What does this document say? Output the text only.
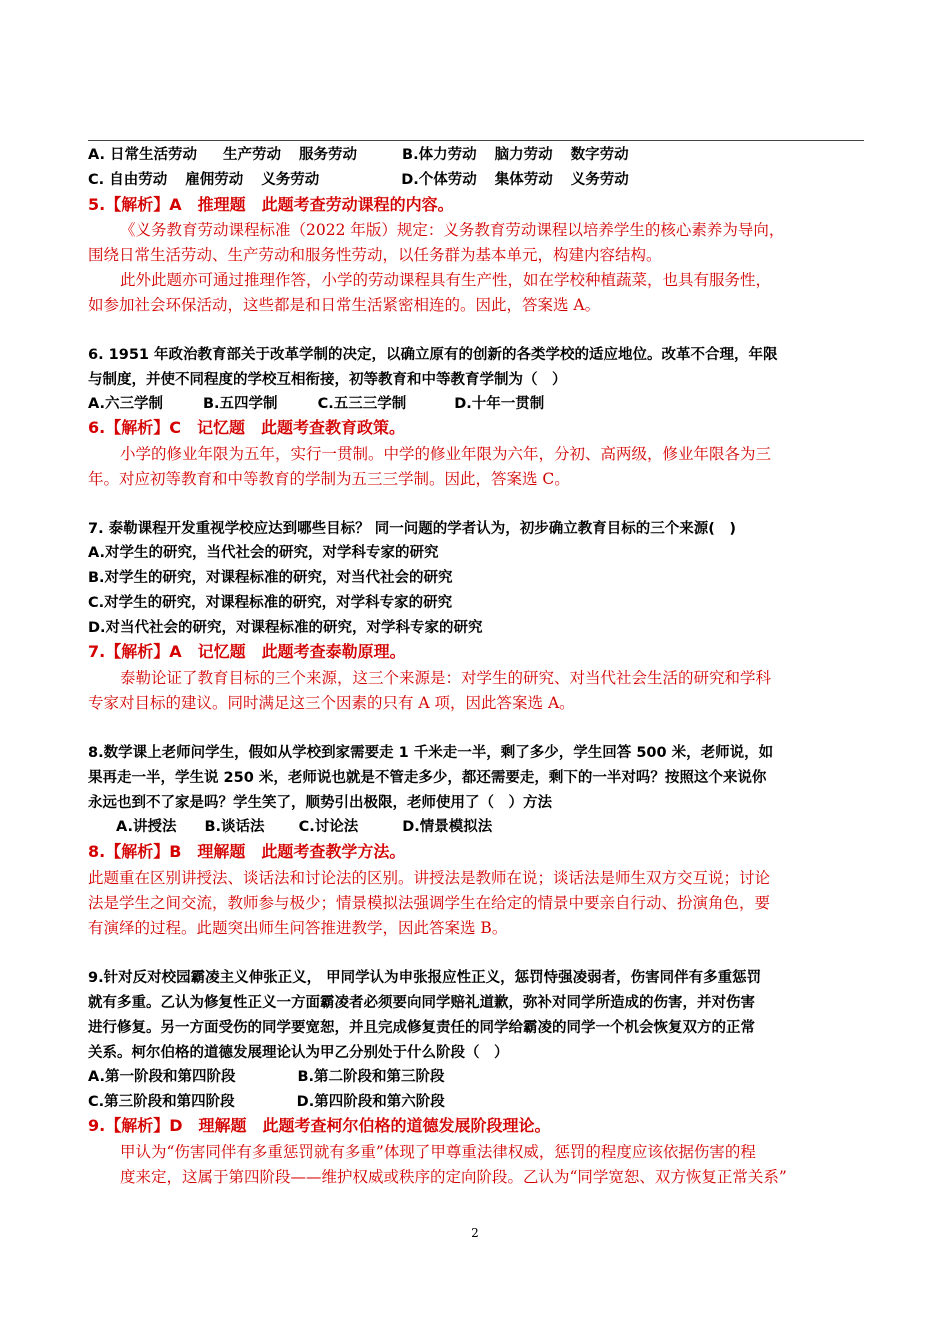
A. 日常生活劳动 生产劳动 服务劳动	B.体力劳动 脑力劳动 数字劳动
C. 自由劳动 雇佣劳动 义务劳动	D.个体劳动 集体劳动 义务劳动
5.【解析】A　推理题　此题考查劳动课程的内容。
《义务教育劳动课程标准（2022 年版）规定：义务教育劳动课程以培养学生的核心素养为导向，
围绕日常生活劳动、生产劳动和服务性劳动，以任务群为基本单元，构建内容结构。
此外此题亦可通过推理作答，小学的劳动课程具有生产性，如在学校种植蔬菜，也具有服务性，
如参加社会环保活动，这些都是和日常生活紧密相连的。因此，答案选 A。
6. 1951 年政治教育部关于改革学制的决定，以确立原有的创新的各类学校的适应地位。改革不合理，年限
与制度，并使不同程度的学校互相衔接，初等教育和中等教育学制为（　）
A.六三学制	B.五四学制	C.五三三学制	D.十年一贯制
6.【解析】C　记忆题　此题考查教育政策。
小学的修业年限为五年，实行一贯制。中学的修业年限为六年，分初、高两级，修业年限各为三
年。对应初等教育和中等教育的学制为五三三学制。因此，答案选 C。
7. 泰勒课程开发重视学校应达到哪些目标？ 同一问题的学者认为，初步确立教育目标的三个来源(　)
A.对学生的研究，当代社会的研究，对学科专家的研究
B.对学生的研究，对课程标准的研究，对当代社会的研究
C.对学生的研究，对课程标准的研究，对学科专家的研究
D.对当代社会的研究，对课程标准的研究，对学科专家的研究
7.【解析】A　记忆题　此题考查泰勒原理。
泰勒论证了教育目标的三个来源，这三个来源是：对学生的研究、对当代社会生活的研究和学科
专家对目标的建议。同时满足这三个因素的只有 A 项，因此答案选 A。
8.数学课上老师问学生，假如从学校到家需要走 1 千米走一半，剩了多少，学生回答 500 米，老师说，如
果再走一半，学生说 250 米，老师说也就是不管走多少，都还需要走，剩下的一半对吗？按照这个来说你
永远也到不了家是吗？学生笑了，顺势引出极限，老师使用了（　）方法
A.讲授法 B.谈话法 C.讨论法	D.情景模拟法
8.【解析】B　理解题　此题考查教学方法。
此题重在区别讲授法、谈话法和讨论法的区别。讲授法是教师在说；谈话法是师生双方交互说；讨论
法是学生之间交流，教师参与极少；情景模拟法强调学生在给定的情景中要亲自行动、扮演角色，要
有演绎的过程。此题突出师生问答推进教学，因此答案选 B。
9.针对反对校园霸凌主义伸张正义， 甲同学认为申张报应性正义，惩罚恃强凌弱者，伤害同伴有多重惩罚
就有多重。乙认为修复性正义一方面霸凌者必须要向同学赔礼道歉，弥补对同学所造成的伤害，并对伤害
进行修复。另一方面受伤的同学要宽恕，并且完成修复责任的同学给霸凌的同学一个机会恢复双方的正常
关系。柯尔伯格的道德发展理论认为甲乙分别处于什么阶段（　）
A.第一阶段和第四阶段	B.第二阶段和第三阶段
C.第三阶段和第四阶段	D.第四阶段和第六阶段
9.【解析】D　理解题　此题考查柯尔伯格的道德发展阶段理论。
甲认为“伤害同伴有多重惩罚就有多重”体现了甲尊重法律权威，惩罚的程度应该依据伤害的程
度来定，这属于第四阶段——维护权威或秩序的定向阶段。乙认为“同学宽恕、双方恢复正常关系”
2
